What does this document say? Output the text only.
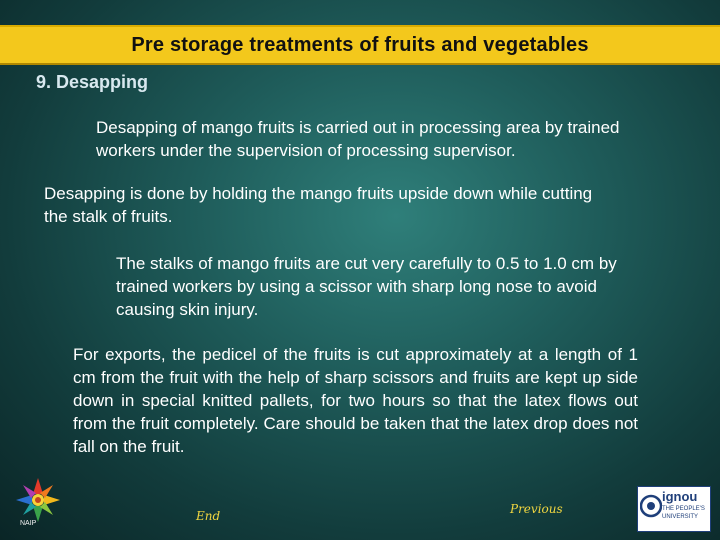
Pre storage treatments of fruits and vegetables
9. Desapping
Desapping of mango fruits is carried out in processing area by trained workers under the supervision of processing supervisor.
Desapping is done by holding the mango fruits upside down while cutting the stalk of fruits.
The stalks of mango fruits are cut very carefully to 0.5 to 1.0 cm by trained workers by using a scissor with sharp long nose to avoid causing skin injury.
For exports, the pedicel of the fruits is cut approximately at a length of 1 cm from the fruit with the help of sharp scissors and fruits are kept up side down in special knitted pallets, for two hours so that the latex flows out from the fruit completely. Care should be taken that the latex drop does not fall on the fruit.
NAIP
End	Previous
ignou
THE PEOPLE'S UNIVERSITY
